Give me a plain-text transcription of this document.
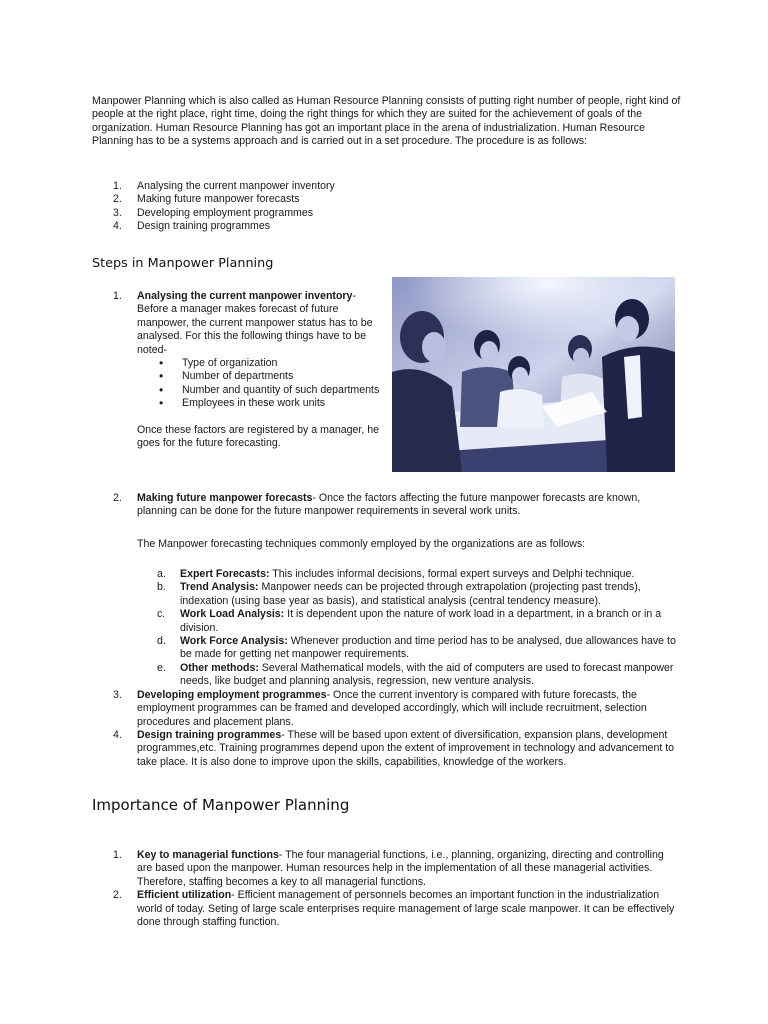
Manpower Planning which is also called as Human Resource Planning consists of putting right number of people, right kind of people at the right place, right time, doing the right things for which they are suited for the achievement of goals of the organization. Human Resource Planning has got an important place in the arena of industrialization. Human Resource Planning has to be a systems approach and is carried out in a set procedure. The procedure is as follows:

1. Analysing the current manpower inventory
2. Making future manpower forecasts
3. Developing employment programmes
4. Design training programmes
Steps in Manpower Planning
1. Analysing the current manpower inventory- Before a manager makes forecast of future manpower, the current manpower status has to be analysed. For this the following things have to be noted-

• Type of organization
• Number of departments
• Number and quantity of such departments
• Employees in these work units

Once these factors are registered by a manager, he goes for the future forecasting.

2. Making future manpower forecasts- Once the factors affecting the future manpower forecasts are known, planning can be done for the future manpower requirements in several work units.

The Manpower forecasting techniques commonly employed by the organizations are as follows:

a. Expert Forecasts: This includes informal decisions, formal expert surveys and Delphi technique.
b. Trend Analysis: Manpower needs can be projected through extrapolation (projecting past trends), indexation (using base year as basis), and statistical analysis (central tendency measure).
c. Work Load Analysis: It is dependent upon the nature of work load in a department, in a branch or in a division.
d. Work Force Analysis: Whenever production and time period has to be analysed, due allowances have to be made for getting net manpower requirements.
e. Other methods: Several Mathematical models, with the aid of computers are used to forecast manpower needs, like budget and planning analysis, regression, new venture analysis.
3. Developing employment programmes- Once the current inventory is compared with future forecasts, the employment programmes can be framed and developed accordingly, which will include recruitment, selection procedures and placement plans.

4. Design training programmes- These will be based upon extent of diversification, expansion plans, development programmes,etc. Training programmes depend upon the extent of improvement in technology and advancement to take place. It is also done to improve upon the skills, capabilities, knowledge of the workers.

Importance of Manpower Planning
1. Key to managerial functions- The four managerial functions, i.e., planning, organizing, directing and controlling are based upon the manpower. Human resources help in the implementation of all these managerial activities. Therefore, staffing becomes a key to all managerial functions.

2. Efficient utilization- Efficient management of personnels becomes an important function in the industrialization world of today. Seting of large scale enterprises require management of large scale manpower. It can be effectively done through staffing function.
